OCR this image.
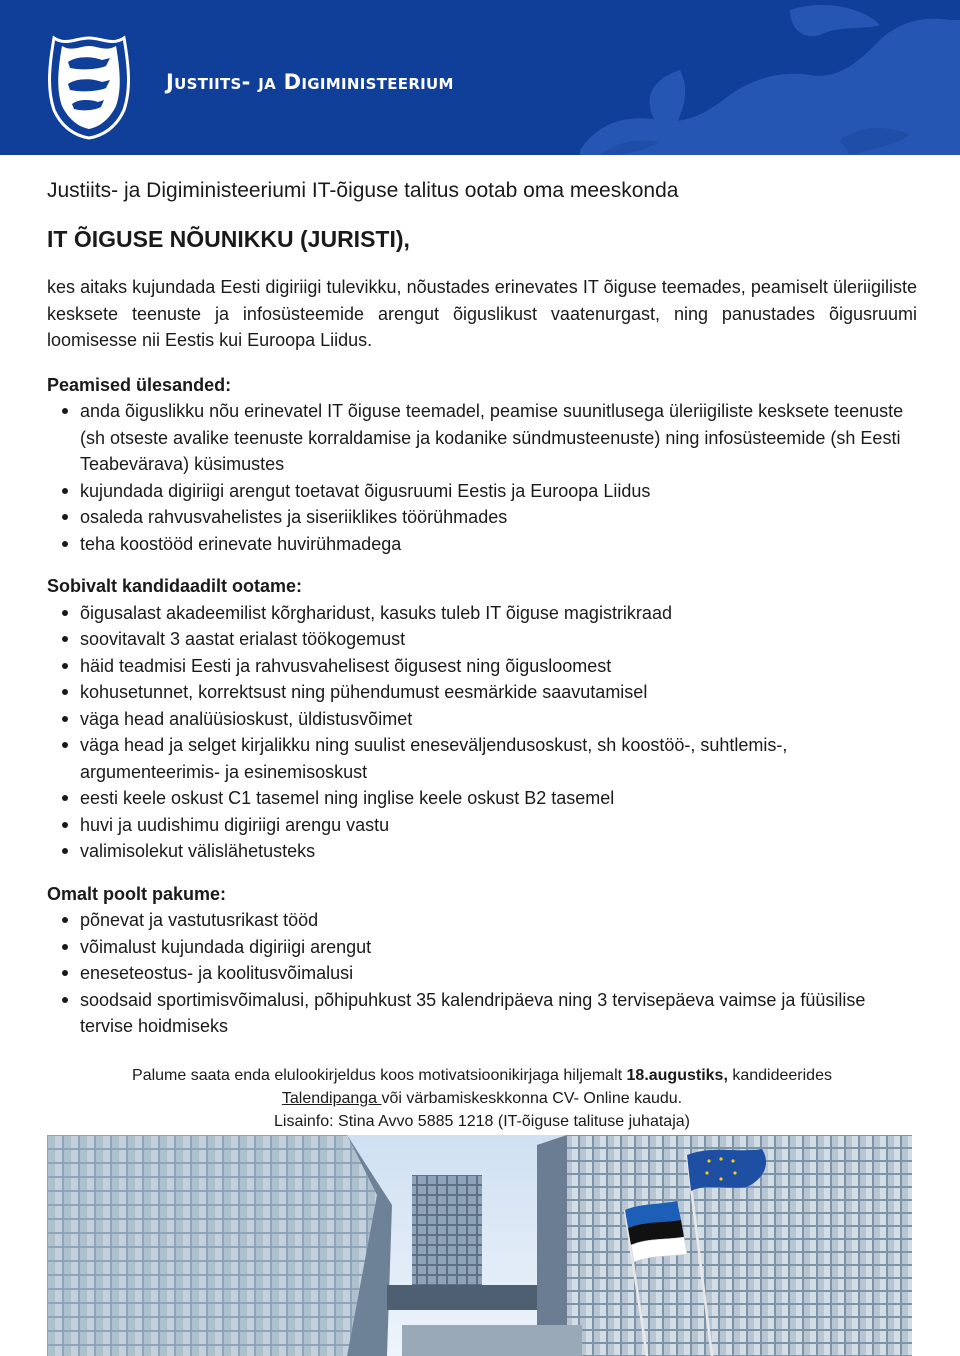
Justiits- ja Digiministeerium
Justiits- ja Digiministeeriumi IT-õiguse talitus ootab oma meeskonda
IT ÕIGUSE NÕUNIKKU (JURISTI),
kes aitaks kujundada Eesti digiriigi tulevikku, nõustades erinevates IT õiguse teemades, peamiselt üleriigiliste kesksete teenuste ja infosüsteemide arengut õiguslikust vaatenurgast, ning panustades õigusruumi loomisesse nii Eestis kui Euroopa Liidus.
Peamised ülesanded:
anda õiguslikku nõu erinevatel IT õiguse teemadel, peamise suunitlusega üleriigiliste kesksete teenuste (sh otseste avalike teenuste korraldamise ja kodanike sündmusteenuste) ning infosüsteemide (sh Eesti Teabevärava) küsimustes
kujundada digiriigi arengut toetavat õigusruumi Eestis ja Euroopa Liidus
osaleda rahvusvahelistes ja siseriiklikes töörühmades
teha koostööd erinevate huvirühmadega
Sobivalt kandidaadilt ootame:
õigusalast akadeemilist kõrgharidust, kasuks tuleb IT õiguse magistrikraad
soovitavalt 3 aastat erialast töökogemust
häid teadmisi Eesti ja rahvusvahelisest õigusest ning õigusloomest
kohusetunnet, korrektsust ning pühendumust eesmärkide saavutamisel
väga head analüüsioskust, üldistusvõimet
väga head ja selget kirjalikku ning suulist eneseväljendusoskust, sh koostöö-, suhtlemis-, argumenteerimis- ja esinemisoskust
eesti keele oskust C1 tasemel ning inglise keele oskust B2 tasemel
huvi ja uudishimu digiriigi arengu vastu
valimisolekut välislähetusteks
Omalt poolt pakume:
põnevat ja vastutusrikast tööd
võimalust kujundada digiriigi arengut
eneseteostus- ja koolitusvõimalusi
soodsaid sportimisvõimalusi, põhipuhkust 35 kalendripäeva ning 3 tervisepäeva vaimse ja füüsilise tervise hoidmiseks
Palume saata enda elulookirjeldus koos motivatsioonikirjaga hiljemalt 18.augustiks, kandideerides
Talendipanga või värbamiskeskkonna CV- Online kaudu.
Lisainfo: Stina Avvo 5885 1218 (IT-õiguse talituse juhataja)
